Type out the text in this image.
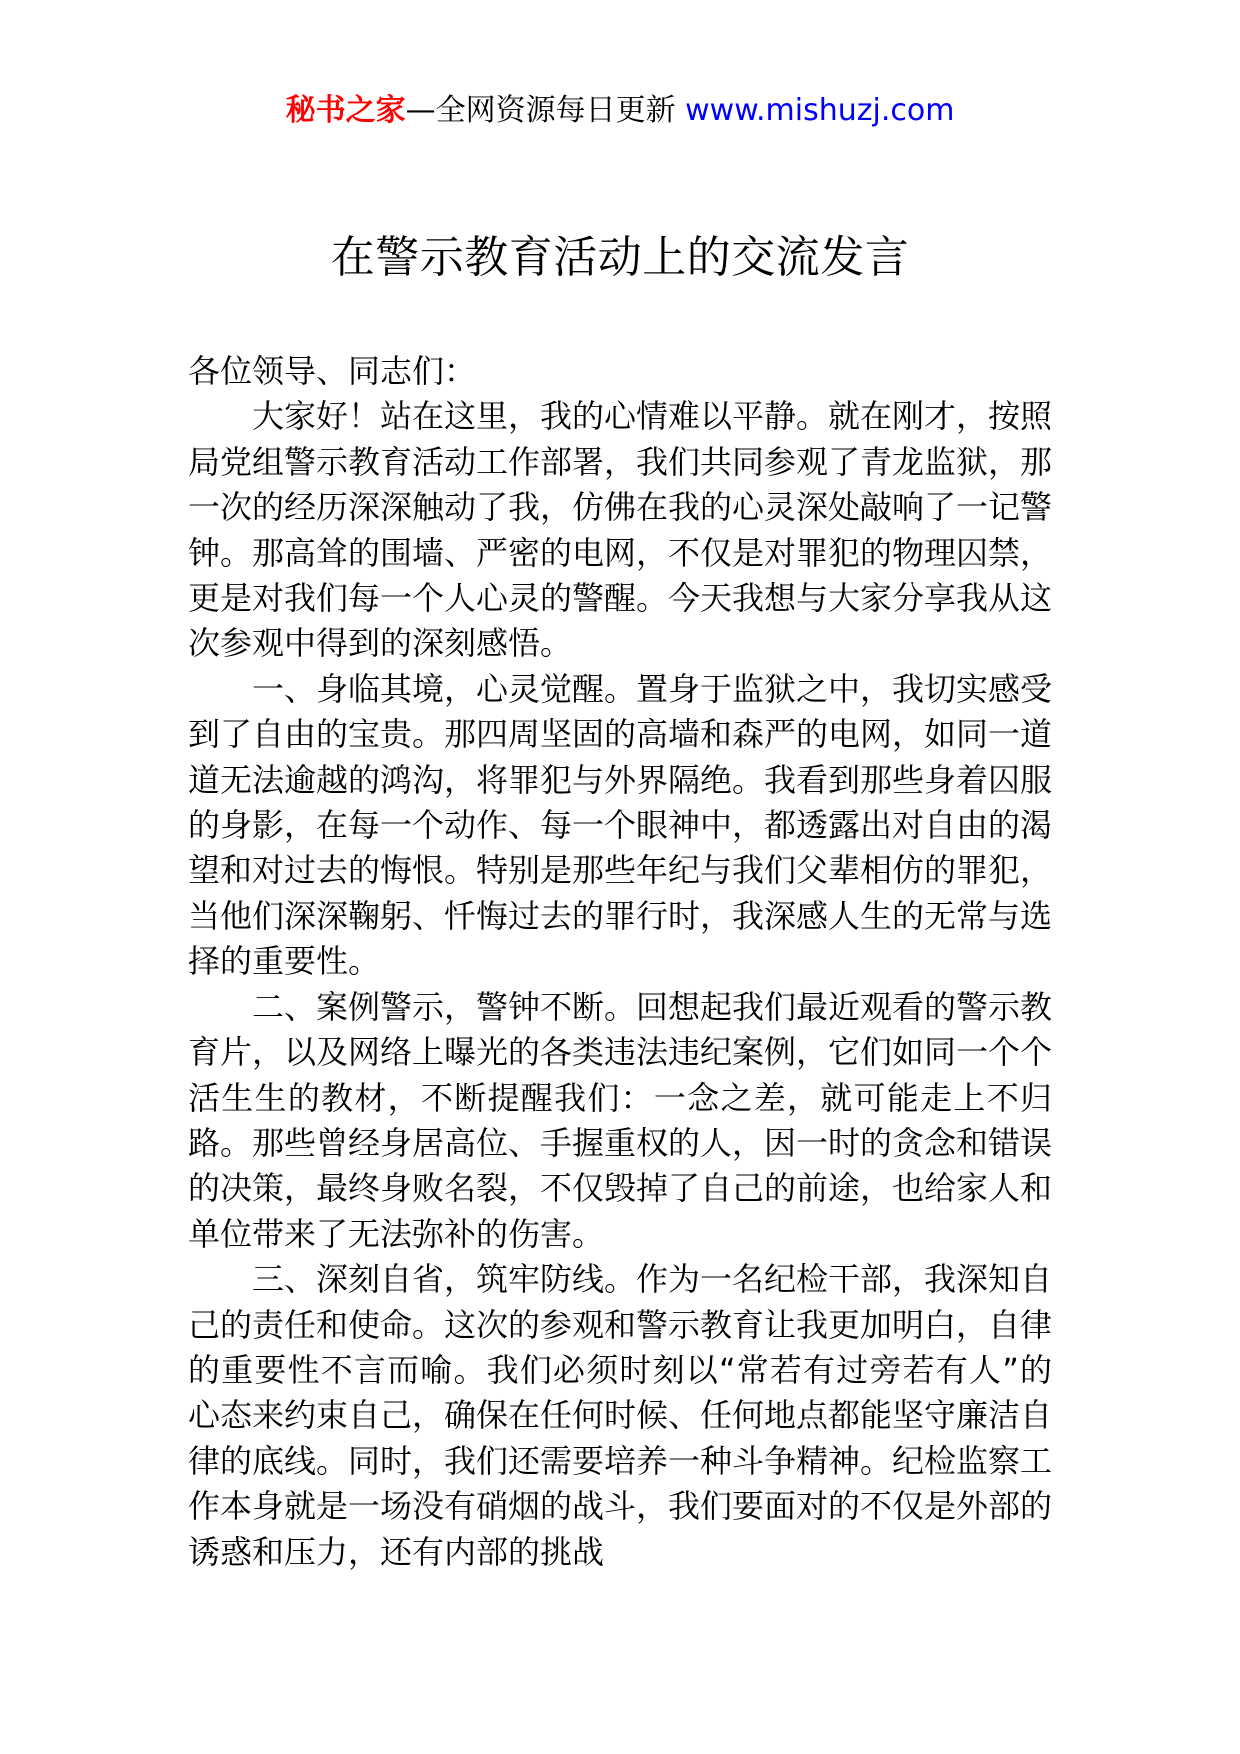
秘书之家—全网资源每日更新 www.mishuzj.com
在警示教育活动上的交流发言

各位领导、同志们：

大家好！站在这里，我的心情难以平静。就在刚才，按照局党组警示教育活动工作部署，我们共同参观了青龙监狱，那一次的经历深深触动了我，仿佛在我的心灵深处敲响了一记警钟。那高耸的围墙、严密的电网，不仅是对罪犯的物理囚禁，更是对我们每一个人心灵的警醒。今天我想与大家分享我从这次参观中得到的深刻感悟。

一、身临其境，心灵觉醒。置身于监狱之中，我切实感受到了自由的宝贵。那四周坚固的高墙和森严的电网，如同一道道无法逾越的鸿沟，将罪犯与外界隔绝。我看到那些身着囚服的身影，在每一个动作、每一个眼神中，都透露出对自由的渴望和对过去的悔恨。特别是那些年纪与我们父辈相仿的罪犯，当他们深深鞠躬、忏悔过去的罪行时，我深感人生的无常与选择的重要性。

二、案例警示，警钟不断。回想起我们最近观看的警示教育片，以及网络上曝光的各类违法违纪案例，它们如同一个个活生生的教材，不断提醒我们：一念之差，就可能走上不归路。那些曾经身居高位、手握重权的人，因一时的贪念和错误的决策，最终身败名裂，不仅毁掉了自己的前途，也给家人和单位带来了无法弥补的伤害。

三、深刻自省，筑牢防线。作为一名纪检干部，我深知自己的责任和使命。这次的参观和警示教育让我更加明白，自律的重要性不言而喻。我们必须时刻以“常若有过旁若有人”的心态来约束自己，确保在任何时候、任何地点都能坚守廉洁自律的底线。同时，我们还需要培养一种斗争精神。纪检监察工作本身就是一场没有硝烟的战斗，我们要面对的不仅是外部的诱惑和压力，还有内部的挑战
